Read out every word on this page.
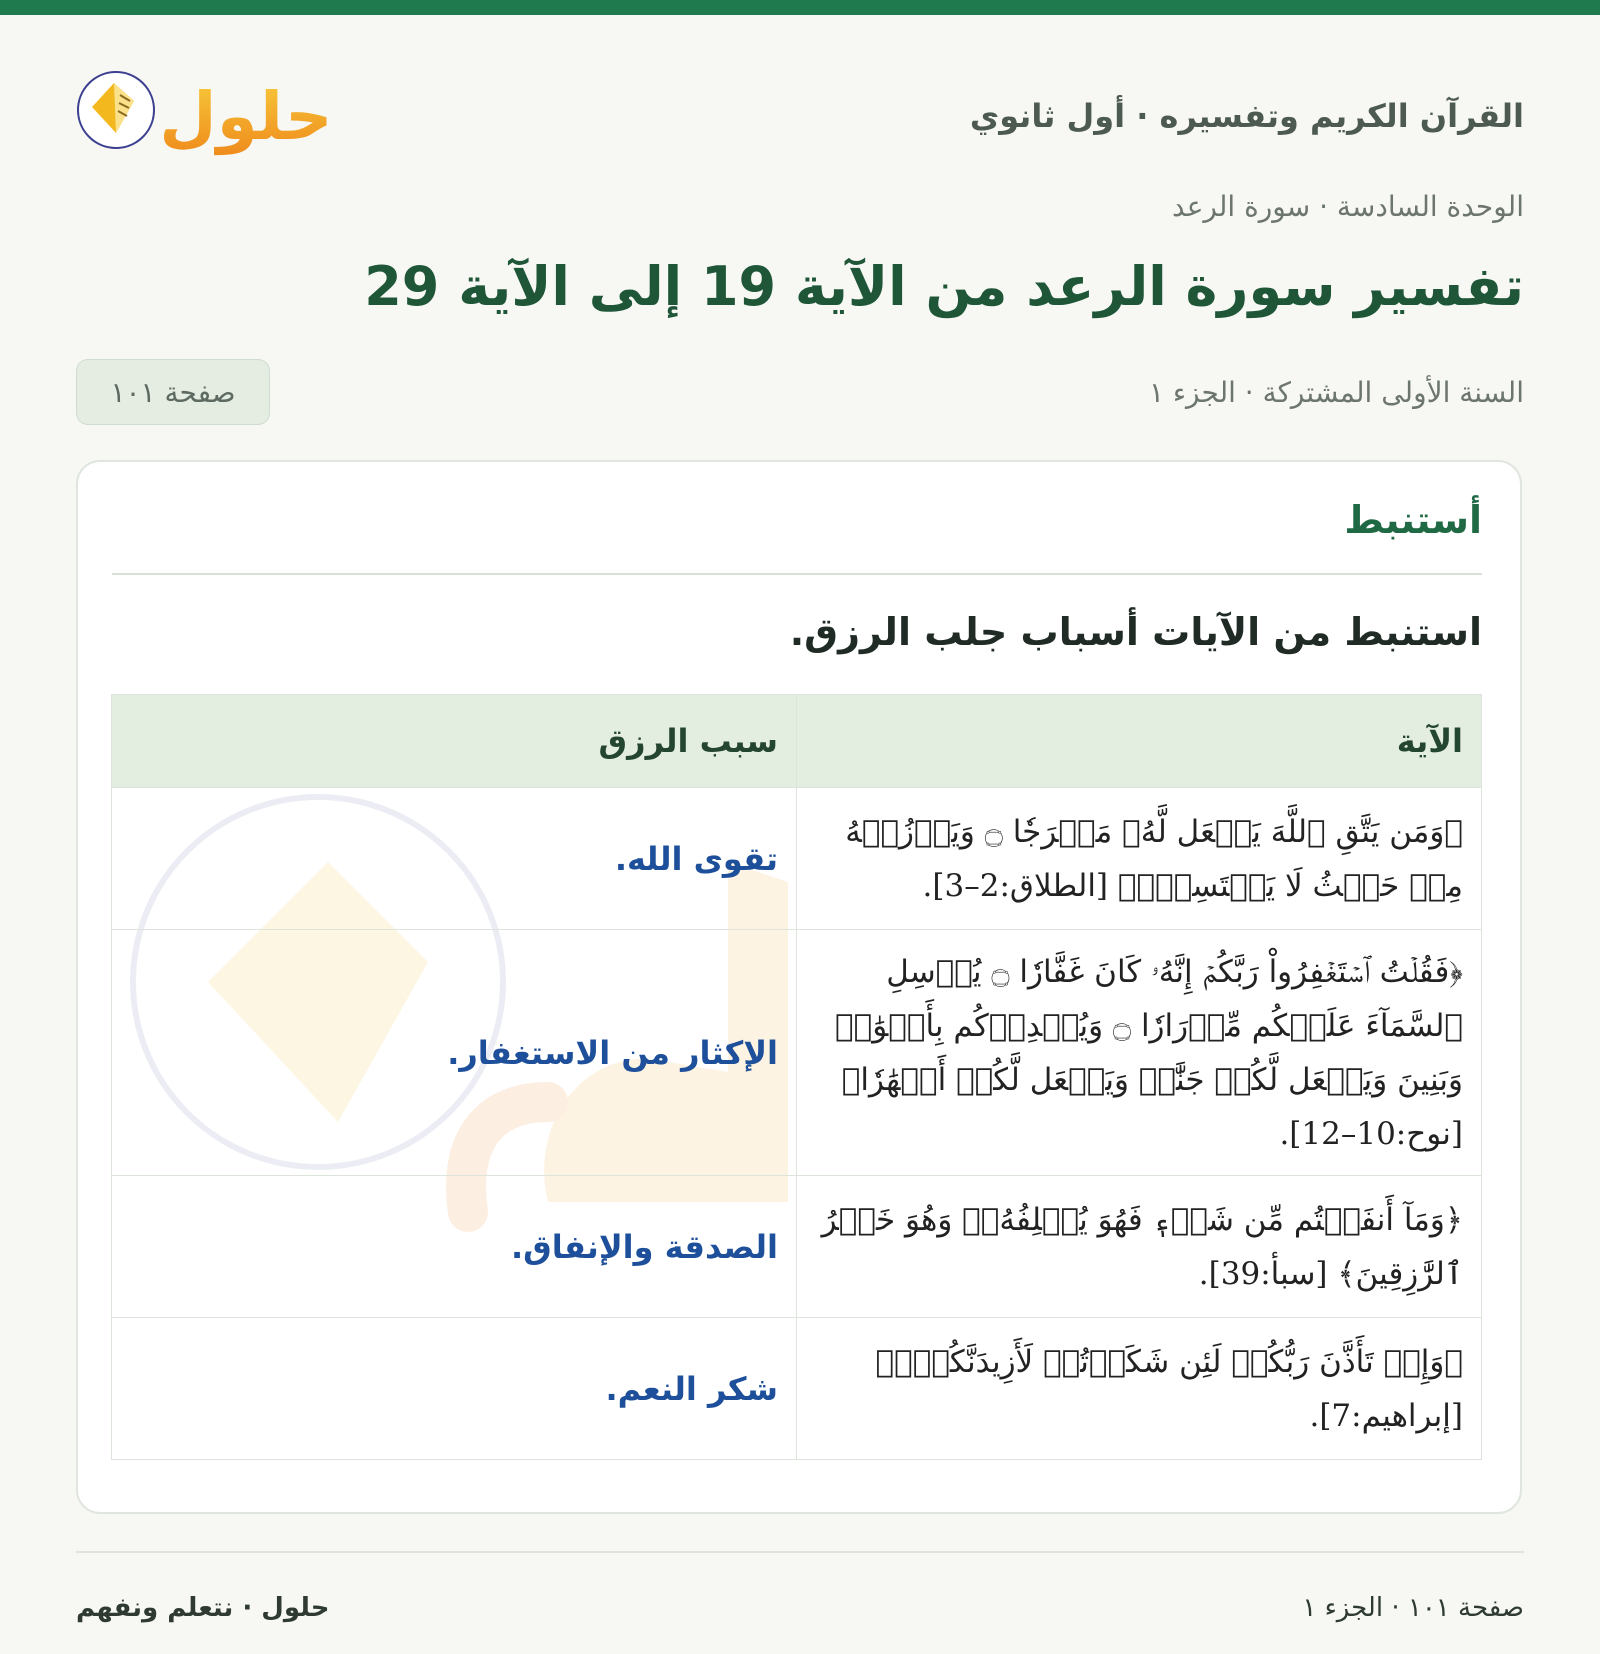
القرآن الكريم وتفسيره · أول ثانوي
حلول
الوحدة السادسة · سورة الرعد
تفسير سورة الرعد من الآية 19 إلى الآية 29
السنة الأولى المشتركة · الجزء ١
صفحة ١٠١
أستنبط
استنبط من الآيات أسباب جلب الرزق.
الآية	سبب الرزق
﴿وَمَن يَتَّقِ ٱللَّهَ يَجۡعَل لَّهُۥ مَخۡرَجٗا ۝ وَيَرۡزُقۡهُ مِنۡ حَيۡثُ لَا يَحۡتَسِبُۚ﴾ [الطلاق:2–3].	تقوى الله.
﴿فَقُلۡتُ ٱسۡتَغۡفِرُواْ رَبَّكُمۡ إِنَّهُۥ كَانَ غَفَّارٗا ۝ يُرۡسِلِ ٱلسَّمَآءَ عَلَيۡكُم مِّدۡرَارٗا ۝ وَيُمۡدِدۡكُم بِأَمۡوَٰلٖ وَبَنِينَ وَيَجۡعَل لَّكُمۡ جَنَّٰتٖ وَيَجۡعَل لَّكُمۡ أَنۡهَٰرٗا﴾ [نوح:10–12].	الإكثار من الاستغفار.
﴿وَمَآ أَنفَقۡتُم مِّن شَيۡءٖ فَهُوَ يُخۡلِفُهُۥۖ وَهُوَ خَيۡرُ ٱلرَّٰزِقِينَ﴾ [سبأ:39].	الصدقة والإنفاق.
﴿وَإِذۡ تَأَذَّنَ رَبُّكُمۡ لَئِن شَكَرۡتُمۡ لَأَزِيدَنَّكُمۡۖ﴾ [إبراهيم:7].	شكر النعم.
صفحة ١٠١ · الجزء ١
حلول · نتعلم ونفهم
